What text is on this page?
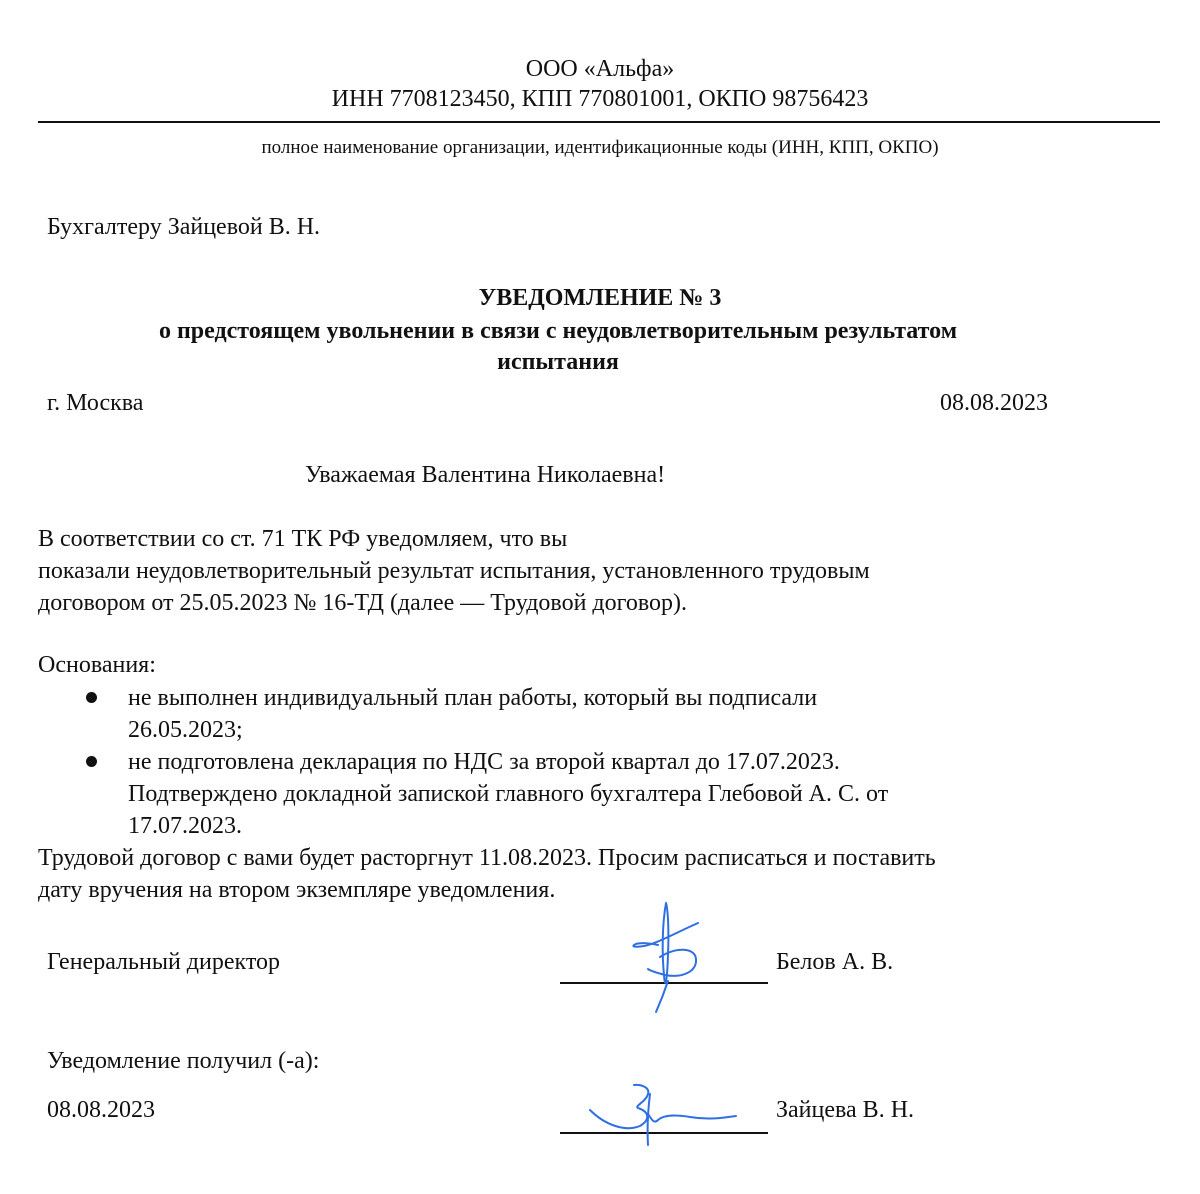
ООО «Альфа»
ИНН 7708123450, КПП 770801001, ОКПО 98756423
полное наименование организации, идентификационные коды (ИНН, КПП, ОКПО)
Бухгалтеру Зайцевой В. Н.
УВЕДОМЛЕНИЕ № 3
о предстоящем увольнении в связи с неудовлетворительным результатом
испытания
г. Москва	08.08.2023
Уважаемая Валентина Николаевна!
В соответствии со ст. 71 ТК РФ уведомляем, что вы
показали неудовлетворительный результат испытания, установленного трудовым
договором от 25.05.2023 № 16-ТД (далее — Трудовой договор).
Основания:
не выполнен индивидуальный план работы, который вы подписали
26.05.2023;
не подготовлена декларация по НДС за второй квартал до 17.07.2023.
Подтверждено докладной запиской главного бухгалтера Глебовой А. С. от
17.07.2023.
Трудовой договор с вами будет расторгнут 11.08.2023. Просим расписаться и поставить
дату вручения на втором экземпляре уведомления.
Генеральный директор	Белов А. В.
Уведомление получил (-а):
08.08.2023	Зайцева В. Н.
